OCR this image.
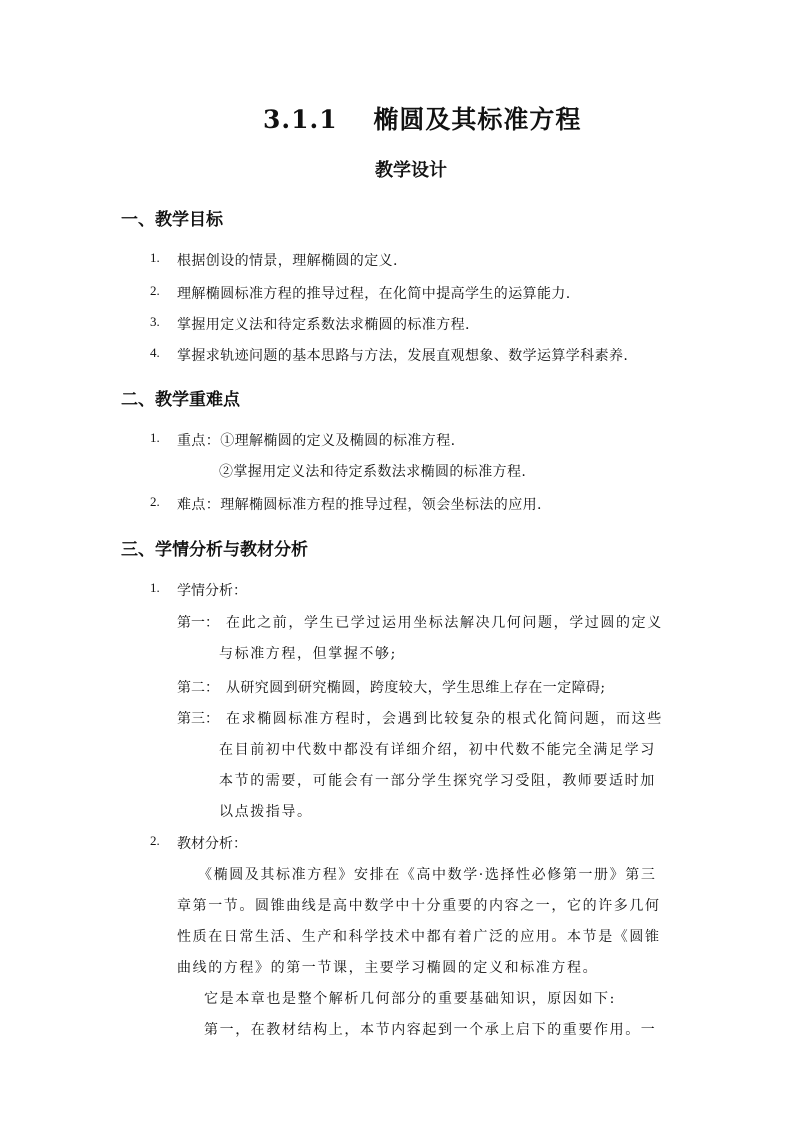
3.1.1 椭圆及其标准方程
教学设计
一、教学目标
1. 根据创设的情景，理解椭圆的定义.
2. 理解椭圆标准方程的推导过程，在化简中提高学生的运算能力.
3. 掌握用定义法和待定系数法求椭圆的标准方程.
4. 掌握求轨迹问题的基本思路与方法，发展直观想象、数学运算学科素养.
二、教学重难点
1. 重点：①理解椭圆的定义及椭圆的标准方程.
②掌握用定义法和待定系数法求椭圆的标准方程.
2. 难点：理解椭圆标准方程的推导过程，领会坐标法的应用.
三、学情分析与教材分析
1. 学情分析：
第一： 在此之前，学生已学过运用坐标法解决几何问题，学过圆的定义
与标准方程，但掌握不够;
第二： 从研究圆到研究椭圆，跨度较大，学生思维上存在一定障碍;
第三： 在求椭圆标准方程时，会遇到比较复杂的根式化简问题，而这些
在目前初中代数中都没有详细介绍，初中代数不能完全满足学习
本节的需要，可能会有一部分学生探究学习受阻，教师要适时加
以点拨指导。
2. 教材分析：
《椭圆及其标准方程》安排在《高中数学·选择性必修第一册》第三
章第一节。圆锥曲线是高中数学中十分重要的内容之一，它的许多几何
性质在日常生活、生产和科学技术中都有着广泛的应用。本节是《圆锥
曲线的方程》的第一节课，主要学习椭圆的定义和标准方程。
它是本章也是整个解析几何部分的重要基础知识，原因如下:
第一，在教材结构上，本节内容起到一个承上启下的重要作用。一
